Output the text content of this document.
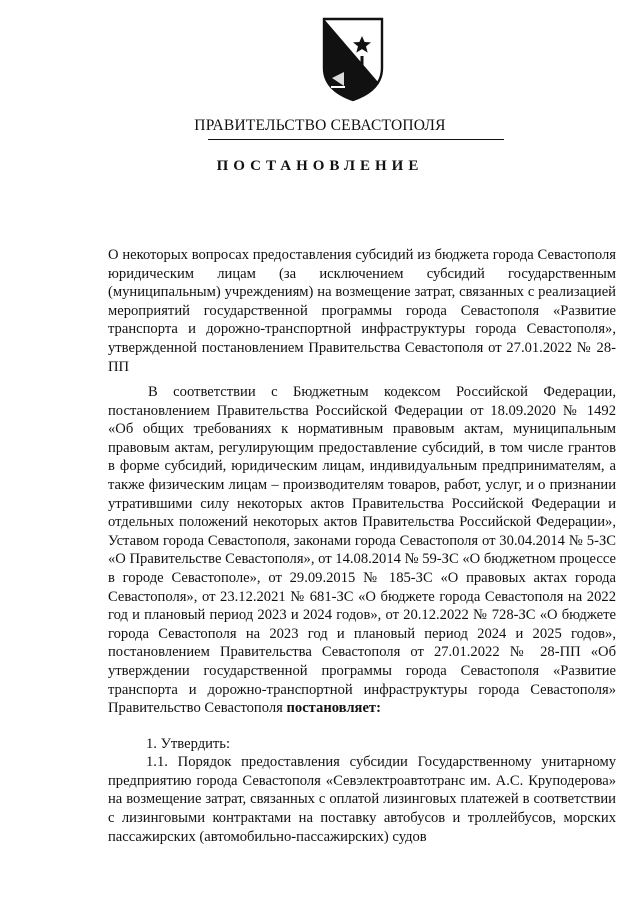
ПРАВИТЕЛЬСТВО СЕВАСТОПОЛЯ
ПОСТАНОВЛЕНИЕ
О некоторых вопросах предоставления субсидий из бюджета города Севастополя юридическим лицам (за исключением субсидий государственным (муниципальным) учреждениям) на возмещение затрат, связанных с реализацией мероприятий государственной программы города Севастополя «Развитие транспорта и дорожно-транспортной инфраструктуры города Севастополя», утвержденной постановлением Правительства Севастополя от 27.01.2022 № 28-ПП

В соответствии с Бюджетным кодексом Российской Федерации, постановлением Правительства Российской Федерации от 18.09.2020 № 1492 «Об общих требованиях к нормативным правовым актам, муниципальным правовым актам, регулирующим предоставление субсидий, в том числе грантов в форме субсидий, юридическим лицам, индивидуальным предпринимателям, а также физическим лицам – производителям товаров, работ, услуг, и о признании утратившими силу некоторых актов Правительства Российской Федерации и отдельных положений некоторых актов Правительства Российской Федерации», Уставом города Севастополя, законами города Севастополя от 30.04.2014 № 5-ЗС «О Правительстве Севастополя», от 14.08.2014 № 59-ЗС «О бюджетном процессе в городе Севастополе», от 29.09.2015 № 185-ЗС «О правовых актах города Севастополя», от 23.12.2021 № 681-ЗС «О бюджете города Севастополя на 2022 год и плановый период 2023 и 2024 годов», от 20.12.2022 № 728-ЗС «О бюджете города Севастополя на 2023 год и плановый период 2024 и 2025 годов», постановлением Правительства Севастополя от 27.01.2022 № 28-ПП «Об утверждении государственной программы города Севастополя «Развитие транспорта и дорожно-транспортной инфраструктуры города Севастополя» Правительство Севастополя постановляет:

1. Утвердить:

1.1. Порядок предоставления субсидии Государственному унитарному предприятию города Севастополя «Севэлектроавтотранс им. А.С. Круподерова» на возмещение затрат, связанных с оплатой лизинговых платежей в соответствии с лизинговыми контрактами на поставку автобусов и троллейбусов, морских пассажирских (автомобильно-пассажирских) судов
